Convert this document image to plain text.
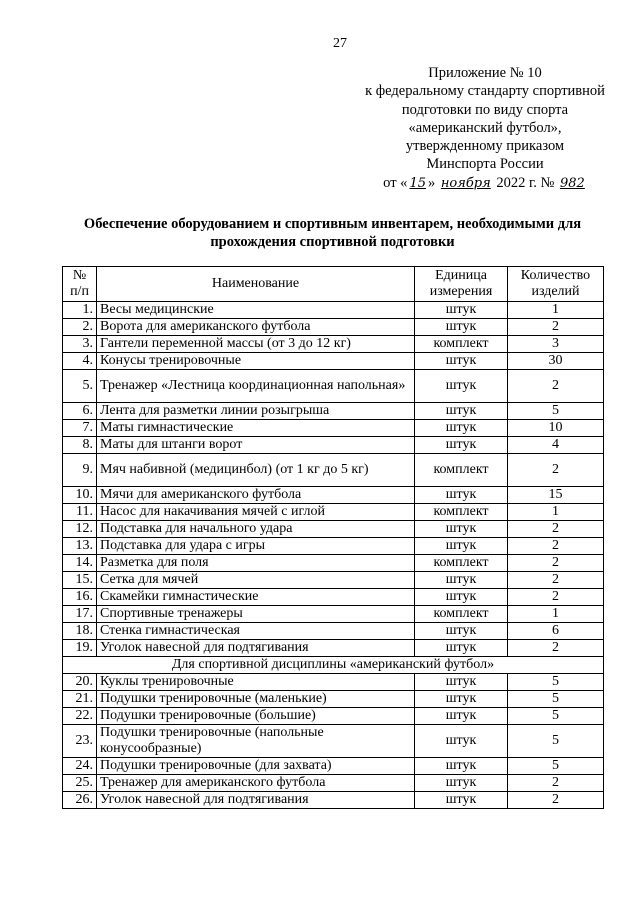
27
Приложение № 10
к федеральному стандарту спортивной
подготовки по виду спорта
«американский футбол»,
утвержденному приказом
Минспорта России
от « 15 » ноября 2022 г. № 982
Обеспечение оборудованием и спортивным инвентарем, необходимыми для прохождения спортивной подготовки
№ п/п	Наименование	Единица измерения	Количество изделий
1.	Весы медицинские	штук	1
2.	Ворота для американского футбола	штук	2
3.	Гантели переменной массы (от 3 до 12 кг)	комплект	3
4.	Конусы тренировочные	штук	30
5.	Тренажер «Лестница координационная напольная»	штук	2
6.	Лента для разметки линии розыгрыша	штук	5
7.	Маты гимнастические	штук	10
8.	Маты для штанги ворот	штук	4
9.	Мяч набивной (медицинбол) (от 1 кг до 5 кг)	комплект	2
10.	Мячи для американского футбола	штук	15
11.	Насос для накачивания мячей с иглой	комплект	1
12.	Подставка для начального удара	штук	2
13.	Подставка для удара с игры	штук	2
14.	Разметка для поля	комплект	2
15.	Сетка для мячей	штук	2
16.	Скамейки гимнастические	штук	2
17.	Спортивные тренажеры	комплект	1
18.	Стенка гимнастическая	штук	6
19.	Уголок навесной для подтягивания	штук	2
Для спортивной дисциплины «американский футбол»			
20.	Куклы тренировочные	штук	5
21.	Подушки тренировочные (маленькие)	штук	5
22.	Подушки тренировочные (большие)	штук	5
23.	Подушки тренировочные (напольные конусообразные)	штук	5
24.	Подушки тренировочные (для захвата)	штук	5
25.	Тренажер для американского футбола	штук	2
26.	Уголок навесной для подтягивания	штук	2
